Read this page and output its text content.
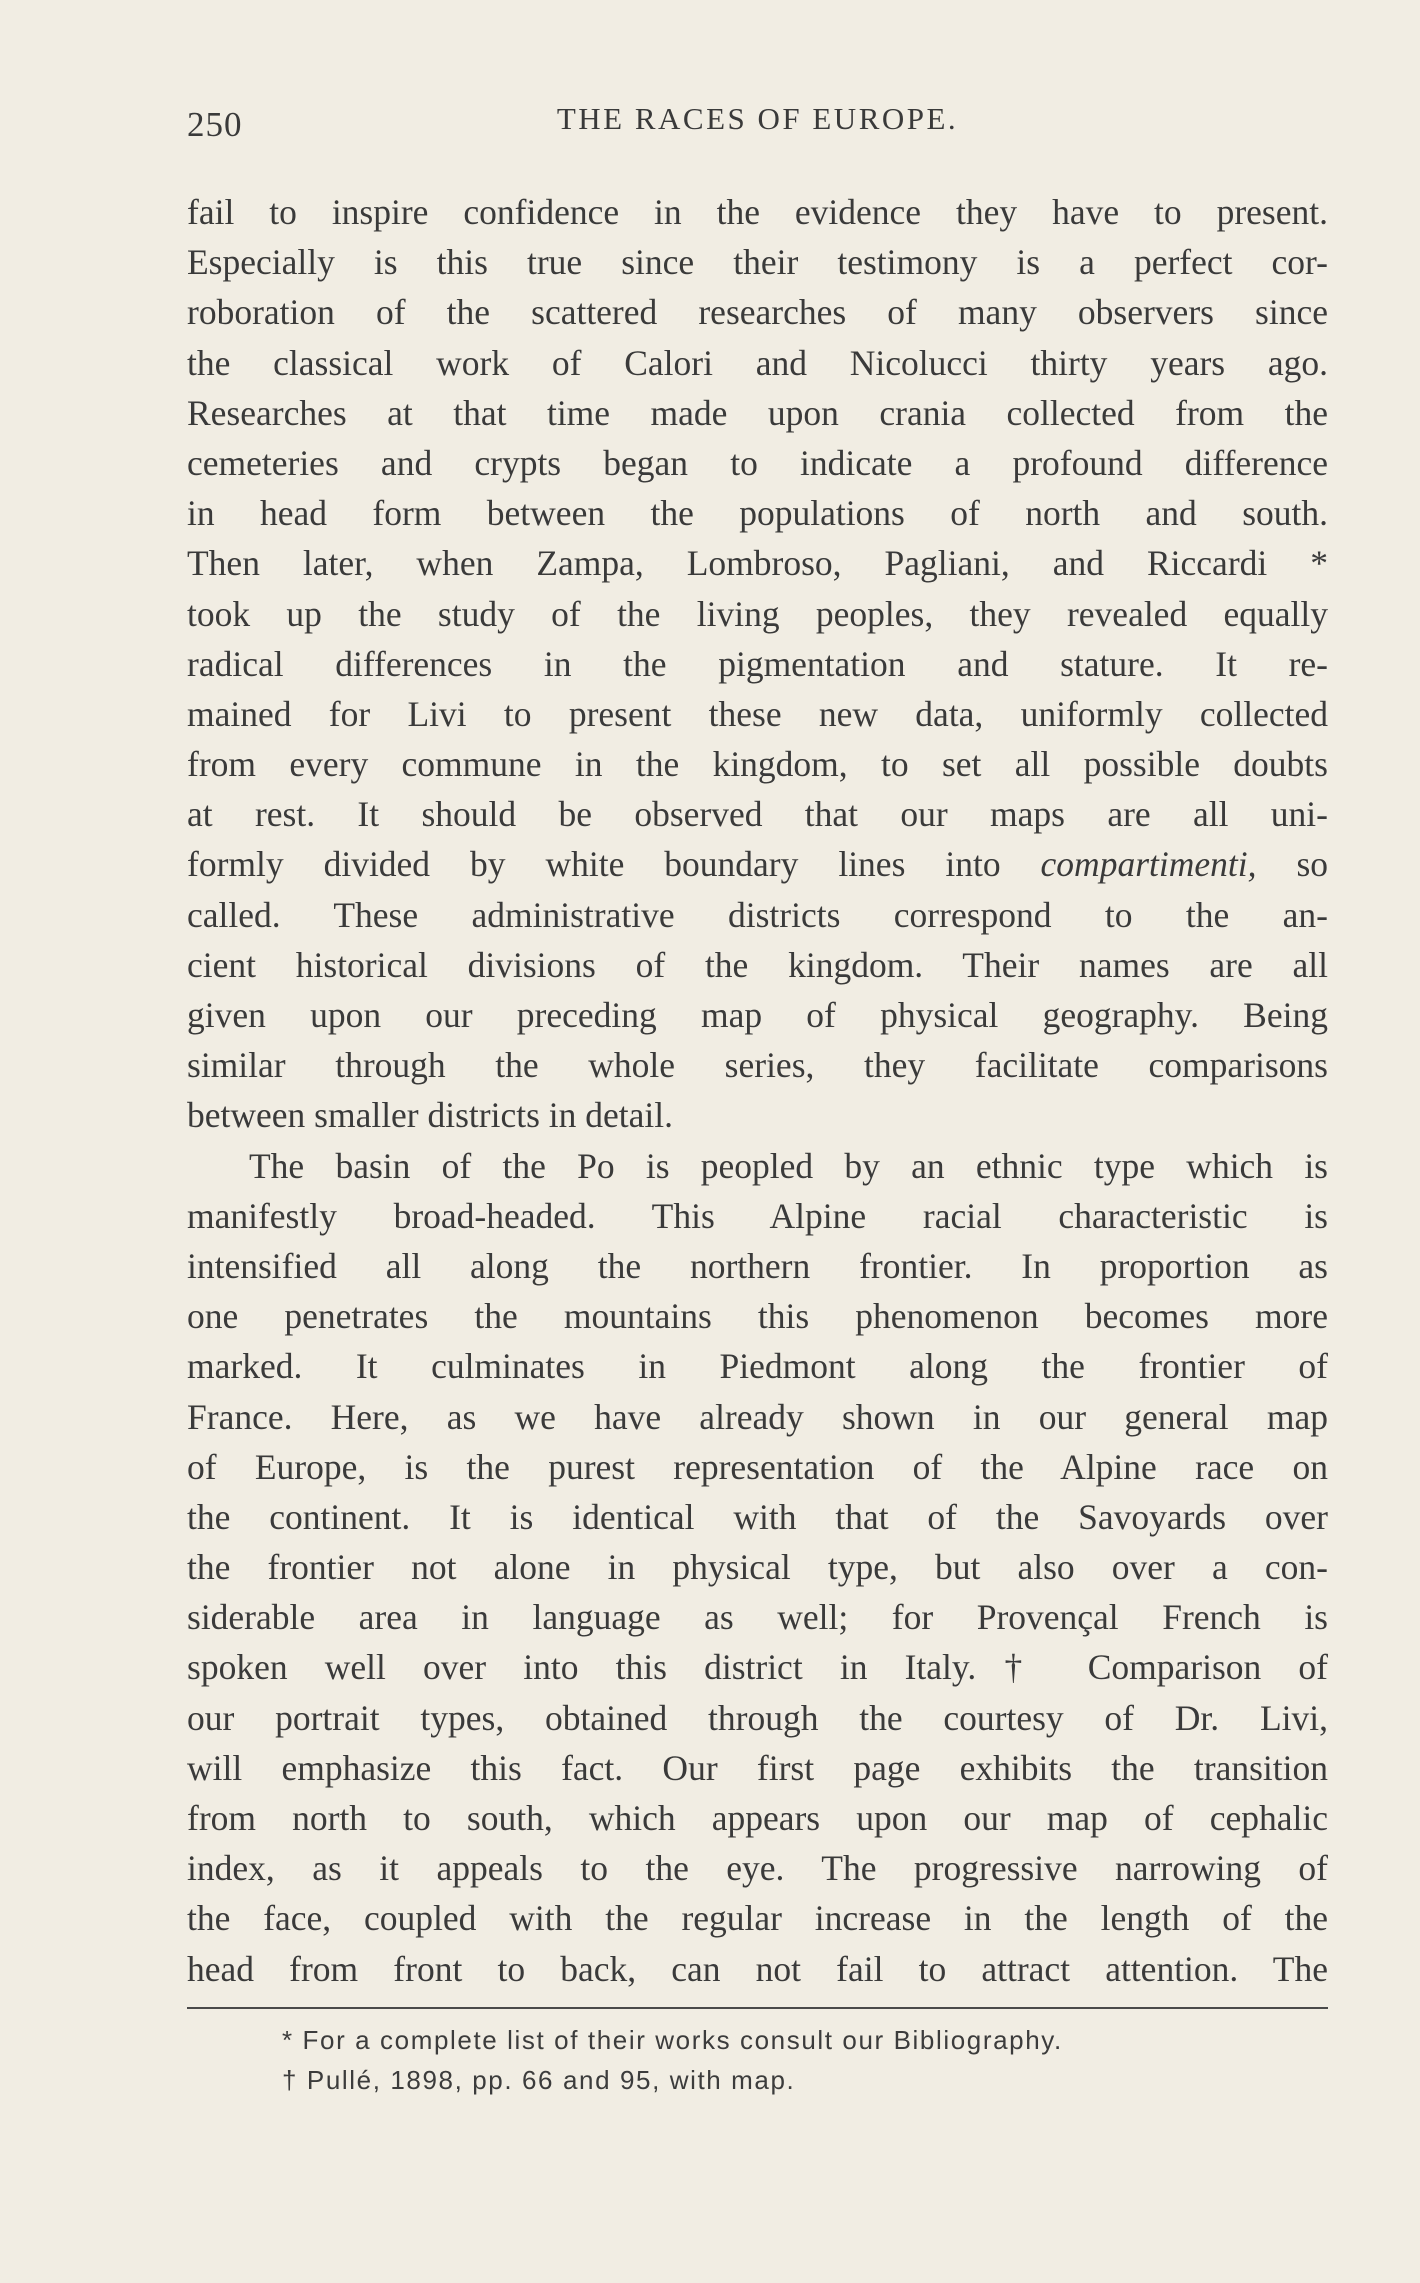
250	THE RACES OF EUROPE.
fail to inspire confidence in the evidence they have to present.
Especially is this true since their testimony is a perfect cor-
roboration of the scattered researches of many observers since
the classical work of Calori and Nicolucci thirty years ago.
Researches at that time made upon crania collected from the
cemeteries and crypts began to indicate a profound difference
in head form between the populations of north and south.
Then later, when Zampa, Lombroso, Pagliani, and Riccardi *
took up the study of the living peoples, they revealed equally
radical differences in the pigmentation and stature. It re-
mained for Livi to present these new data, uniformly collected
from every commune in the kingdom, to set all possible doubts
at rest. It should be observed that our maps are all uni-
formly divided by white boundary lines into compartimenti, so
called. These administrative districts correspond to the an-
cient historical divisions of the kingdom. Their names are all
given upon our preceding map of physical geography. Being
similar through the whole series, they facilitate comparisons
between smaller districts in detail.
The basin of the Po is peopled by an ethnic type which is
manifestly broad-headed. This Alpine racial characteristic is
intensified all along the northern frontier. In proportion as
one penetrates the mountains this phenomenon becomes more
marked. It culminates in Piedmont along the frontier of
France. Here, as we have already shown in our general map
of Europe, is the purest representation of the Alpine race on
the continent. It is identical with that of the Savoyards over
the frontier not alone in physical type, but also over a con-
siderable area in language as well; for Provençal French is
spoken well over into this district in Italy.† Comparison of
our portrait types, obtained through the courtesy of Dr. Livi,
will emphasize this fact. Our first page exhibits the transition
from north to south, which appears upon our map of cephalic
index, as it appeals to the eye. The progressive narrowing of
the face, coupled with the regular increase in the length of the
head from front to back, can not fail to attract attention. The
* For a complete list of their works consult our Bibliography.
† Pullé, 1898, pp. 66 and 95, with map.
